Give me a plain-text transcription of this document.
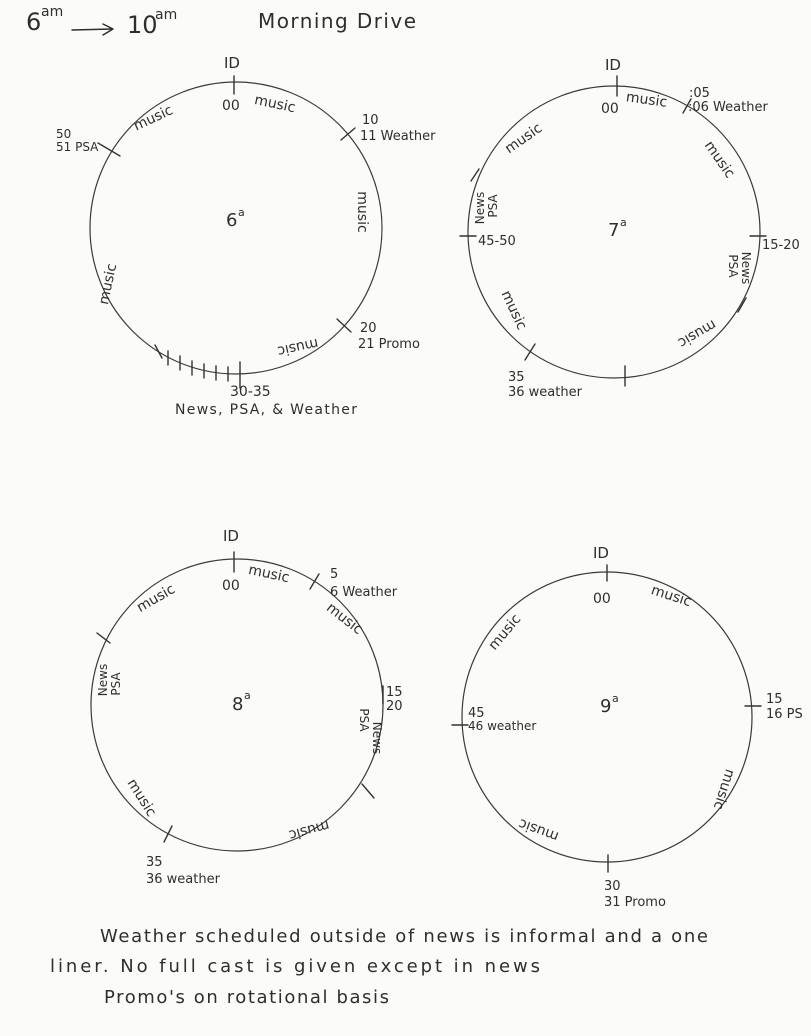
6 am	10
am	Morning Drive
ID
00 music
music
50
51 PSA
10
11 Weather
music
6 a
music
music
20
21 Promo
30-35
News, PSA, & Weather
ID
00 music :05
:06 Weather
music	music
News PSA
45-50
7 a
15-20
News
PSA
music
music
35
36 weather
ID
00 music	5
6 Weather
music
music
News PSA
8 a	15
20
News
PSA
music
music
35
36 weather
ID
00	music
music
15
16 PS
45
46 weather
9 a
music
music
30
31 Promo
Weather scheduled outside of news is informal and a one
liner. No full cast is given except in news
Promo's on rotational basis
